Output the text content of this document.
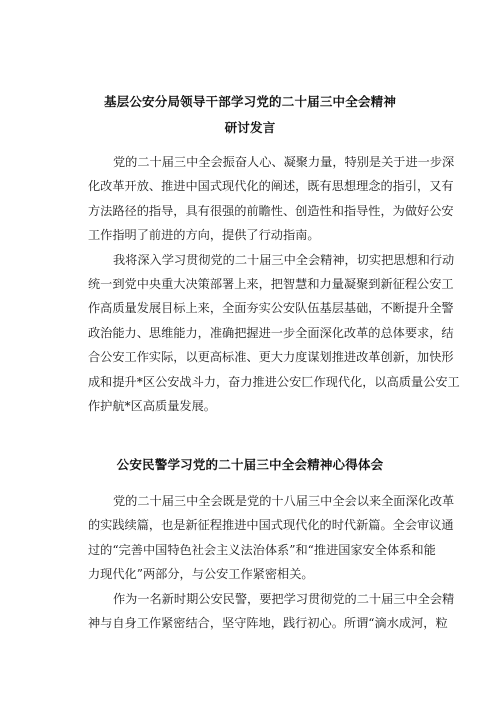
基层公安分局领导干部学习党的二十届三中全会精神
研讨发言
党的二十届三中全会振奋人心、凝聚力量，特别是关于进一步深
化改革开放、推进中国式现代化的阐述，既有思想理念的指引，又有
方法路径的指导，具有很强的前瞻性、创造性和指导性，为做好公安
工作指明了前进的方向，提供了行动指南。
我将深入学习贯彻党的二十届三中全会精神，切实把思想和行动
统一到党中央重大决策部署上来，把智慧和力量凝聚到新征程公安工
作高质量发展目标上来，全面夯实公安队伍基层基础，不断提升全警
政治能力、思维能力，准确把握进一步全面深化改革的总体要求，结
合公安工作实际，以更高标准、更大力度谋划推进改革创新，加快形
成和提升*区公安战斗力，奋力推进公安匚作现代化，以高质量公安工
作护航*区高质量发展。
公安民警学习党的二十届三中全会精神心得体会
党的二十届三中全会既是党的十八届三中全会以来全面深化改革
的实践续篇，也是新征程推进中国式现代化的时代新篇。全会审议通
过的“完善中国特色社会主义法治体系”和“推进国家安全体系和能
力现代化”两部分，与公安工作紧密相关。
作为一名新时期公安民警，要把学习贯彻党的二十届三中全会精
神与自身工作紧密结合，坚守阵地，践行初心。所谓“滴水成河，粒
